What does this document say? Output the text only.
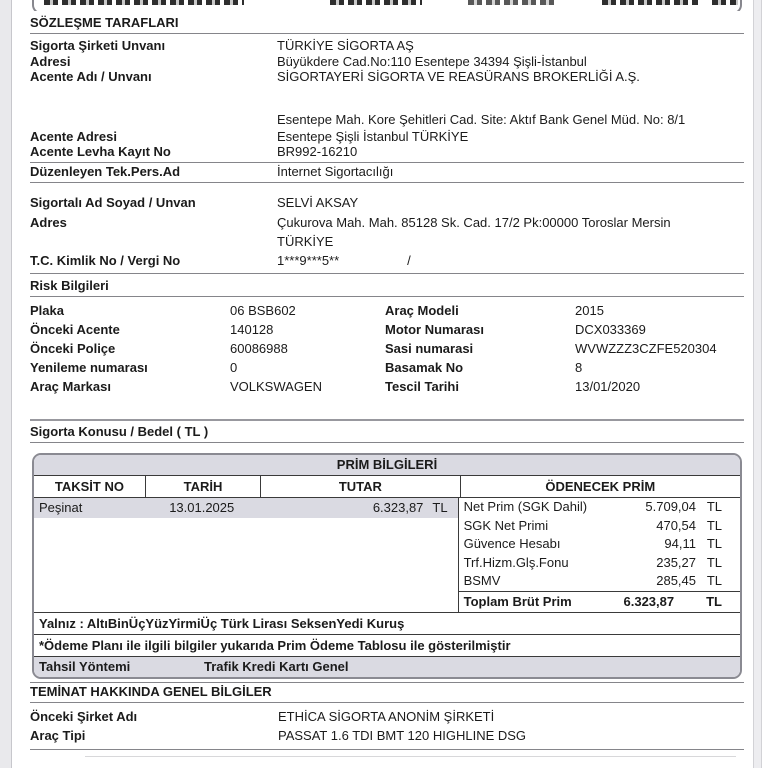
SÖZLEŞME TARAFLARI
Sigorta Şirketi Unvanı	TÜRKİYE SİGORTA AŞ
Adresi	Büyükdere Cad.No:110 Esentepe 34394 Şişli-İstanbul
Acente Adı / Unvanı	SİGORTAYERİ SİGORTA VE REASÜRANS BROKERLİĞİ A.Ş.
Esentepe Mah. Kore Şehitleri Cad. Site: Aktıf Bank Genel Müd. No: 8/1
Acente Adresi	Esentepe Şişli İstanbul TÜRKİYE
Acente Levha Kayıt No	BR992-16210
Düzenleyen Tek.Pers.Ad	İnternet Sigortacılığı
Sigortalı Ad Soyad / Unvan	SELVİ AKSAY
Adres	Çukurova Mah. Mah. 85128 Sk. Cad. 17/2 Pk:00000 Toroslar Mersin
TÜRKİYE
T.C. Kimlik No / Vergi No	1***9***5**	/
Risk Bilgileri
Plaka	06 BSB602	Araç Modeli	2015
Önceki Acente	140128	Motor Numarası	DCX033369
Önceki Poliçe	60086988	Sasi numarasi	WVWZZZ3CZFE520304
Yenileme numarası	0	Basamak No	8
Araç Markası	VOLKSWAGEN	Tescil Tarihi	13/01/2020
Sigorta Konusu / Bedel ( TL )
PRİM BİLGİLERİ
TAKSİT NO	TARİH	TUTAR	ÖDENECEK PRİM
Peşinat	13.01.2025	6.323,87 TL	Net Prim (SGK Dahil)	5.709,04 TL
SGK Net Primi	470,54 TL
Güvence Hesabı	94,11 TL
Trf.Hizm.Glş.Fonu	235,27 TL
BSMV	285,45 TL
Toplam Brüt Prim	6.323,87 TL
Yalnız : AltıBinÜçYüzYirmiÜç Türk Lirası SeksenYedi Kuruş
*Ödeme Planı ile ilgili bilgiler yukarıda Prim Ödeme Tablosu ile gösterilmiştir
Tahsil Yöntemi	Trafik Kredi Kartı Genel
TEMİNAT HAKKINDA GENEL BİLGİLER
Önceki Şirket Adı	ETHİCA SİGORTA ANONİM ŞİRKETİ
Araç Tipi	PASSAT 1.6 TDI BMT 120 HIGHLINE DSG
